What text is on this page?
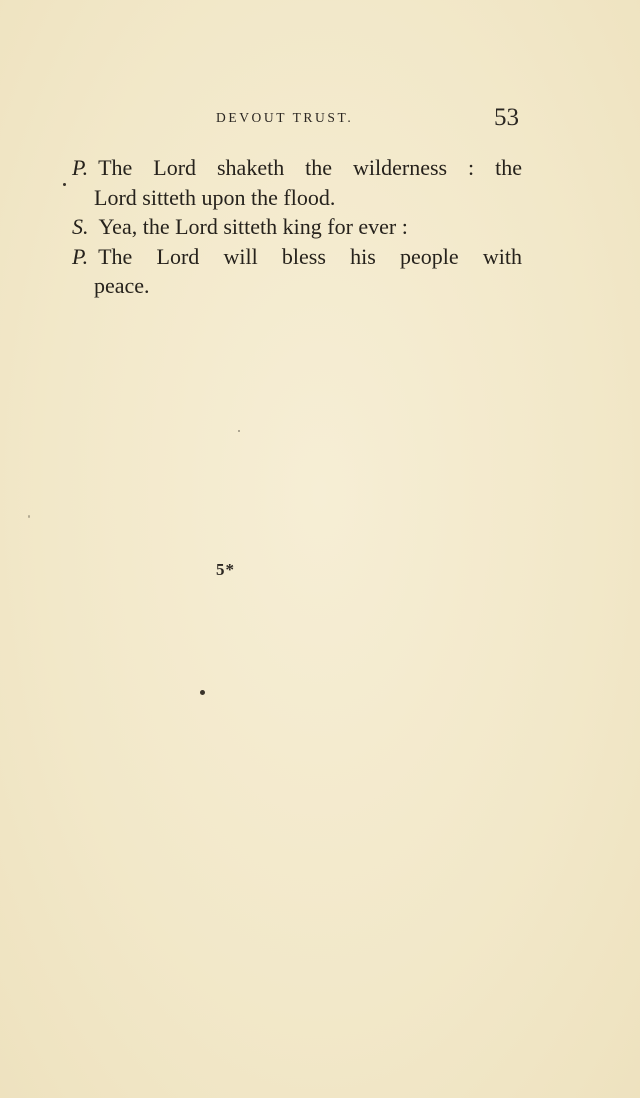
DEVOUT TRUST.	53
P. The Lord shaketh the wilderness : the
Lord sitteth upon the flood.
S. Yea, the Lord sitteth king for ever :
P. The Lord will bless his people with
peace.
5*
